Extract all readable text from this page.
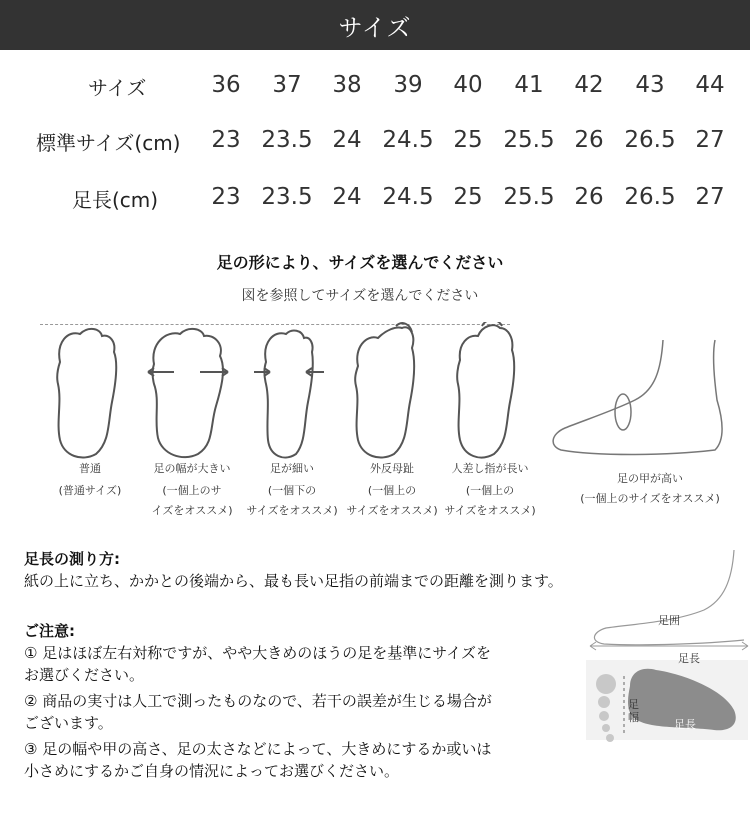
サイズ
サイズ	36	37	38	39	40	41	42	43	44
標準サイズ(cm)	23 23.5 24 24.5 25 25.5 26 26.5 27
足長(cm)	23 23.5 24 24.5 25 25.5 26 26.5 27
足の形により、サイズを選んでください
図を参照してサイズを選んでください
普通
(普通サイズ)
足の幅が大きい
(一個上のサ
イズをオススメ)
足が細い
(一個下の
サイズをオススメ)
外反母趾
(一個上の
サイズをオススメ)
人差し指が長い
(一個上の
サイズをオススメ)
足の甲が高い
(一個上のサイズをオススメ)
足長の測り方:
紙の上に立ち、かかとの後端から、最も長い足指の前端までの距離を測ります。
ご注意:
① 足はほぼ左右対称ですが、やや大きめのほうの足を基準にサイズを
お選びください。
② 商品の実寸は人工で測ったものなので、若干の誤差が生じる場合が
ございます。
③ 足の幅や甲の高さ、足の太さなどによって、大きめにするか或いは
小さめにするかご自身の情況によってお選びください。
足囲
足長
足幅
足長
